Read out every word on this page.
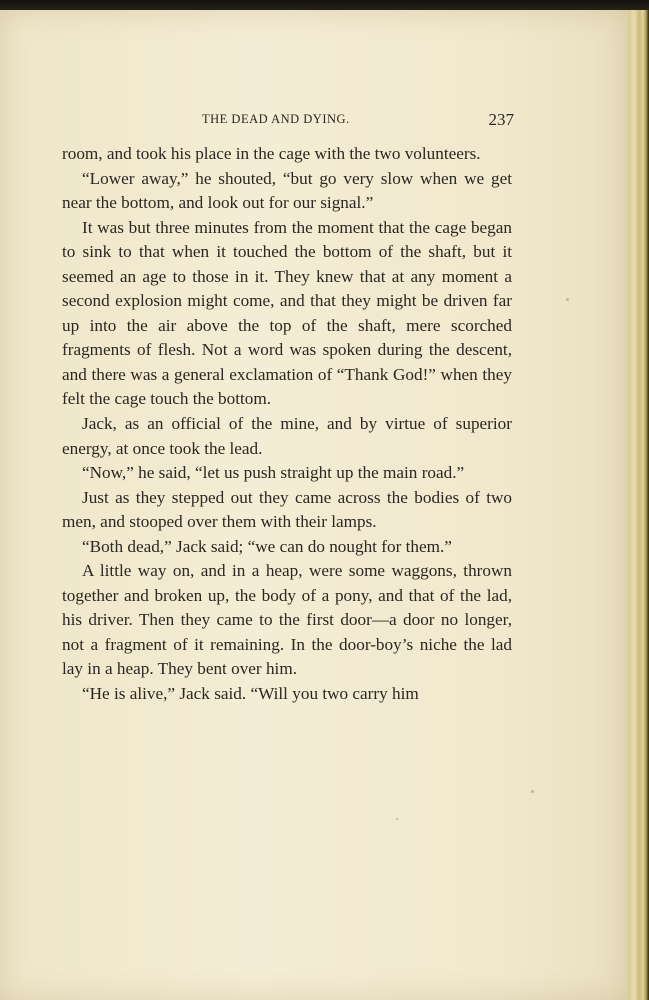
THE DEAD AND DYING.	237

room, and took his place in the cage with the two volunteers.

“Lower away,” he shouted, “but go very slow when we get near the bottom, and look out for our signal.”

It was but three minutes from the moment that the cage began to sink to that when it touched the bottom of the shaft, but it seemed an age to those in it. They knew that at any moment a second explosion might come, and that they might be driven far up into the air above the top of the shaft, mere scorched fragments of flesh. Not a word was spoken during the descent, and there was a general exclamation of “Thank God!” when they felt the cage touch the bottom.

Jack, as an official of the mine, and by virtue of superior energy, at once took the lead.

“Now,” he said, “let us push straight up the main road.”

Just as they stepped out they came across the bodies of two men, and stooped over them with their lamps.

“Both dead,” Jack said; “we can do nought for them.”

A little way on, and in a heap, were some waggons, thrown together and broken up, the body of a pony, and that of the lad, his driver. Then they came to the first door—a door no longer, not a fragment of it remaining. In the door-boy’s niche the lad lay in a heap. They bent over him.

“He is alive,” Jack said. “Will you two carry him
